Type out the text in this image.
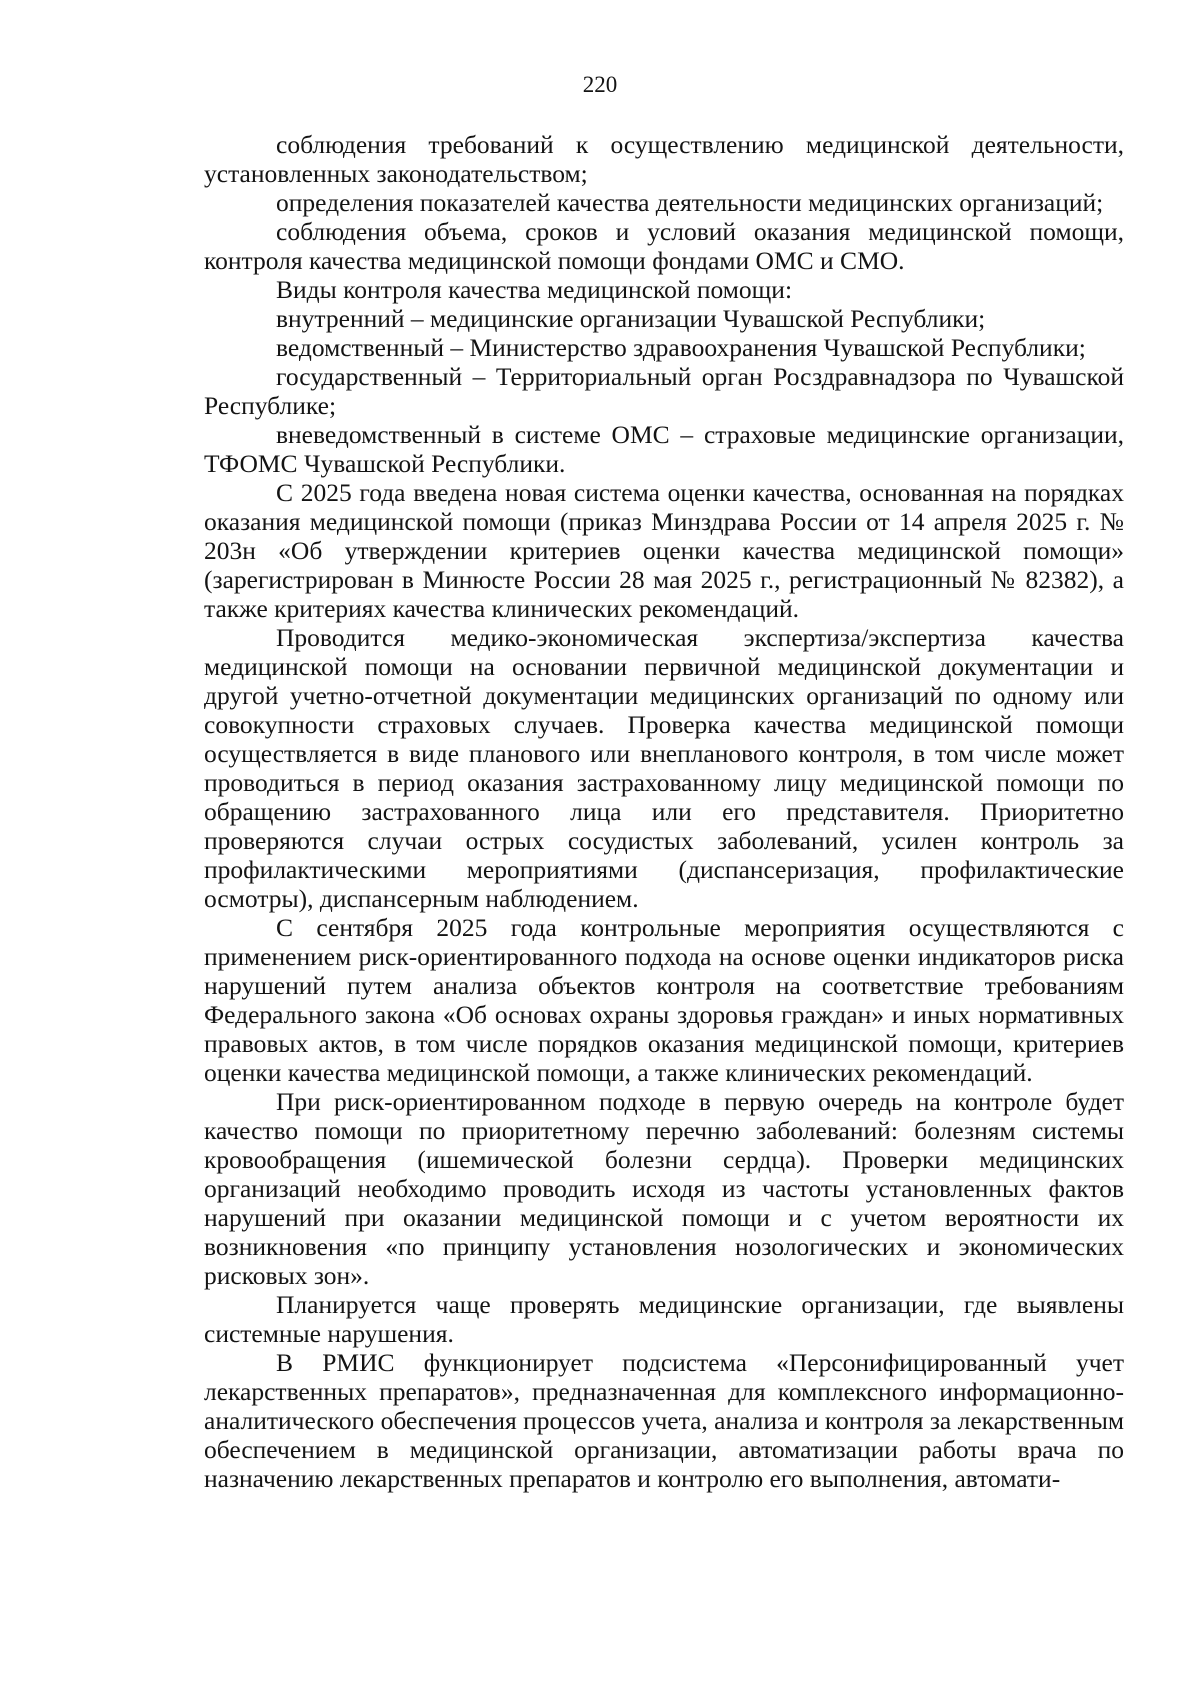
220

соблюдения требований к осуществлению медицинской деятельности, установленных законодательством;

определения показателей качества деятельности медицинских организаций;

соблюдения объема, сроков и условий оказания медицинской помощи, контроля качества медицинской помощи фондами ОМС и СМО.

Виды контроля качества медицинской помощи:

внутренний – медицинские организации Чувашской Республики;

ведомственный – Министерство здравоохранения Чувашской Республики;

государственный – Территориальный орган Росздравнадзора по Чувашской Республике;

вневедомственный в системе ОМС – страховые медицинские организации, ТФОМС Чувашской Республики.

С 2025 года введена новая система оценки качества, основанная на порядках оказания медицинской помощи (приказ Минздрава России от 14 апреля 2025 г. № 203н «Об утверждении критериев оценки качества медицинской помощи» (зарегистрирован в Минюсте России 28 мая 2025 г., регистрационный № 82382), а также критериях качества клинических рекомендаций.

Проводится медико-экономическая экспертиза/экспертиза качества медицинской помощи на основании первичной медицинской документации и другой учетно-отчетной документации медицинских организаций по одному или совокупности страховых случаев. Проверка качества медицинской помощи осуществляется в виде планового или внепланового контроля, в том числе может проводиться в период оказания застрахованному лицу медицинской помощи по обращению застрахованного лица или его представителя. Приоритетно проверяются случаи острых сосудистых заболеваний, усилен контроль за профилактическими мероприятиями (диспансеризация, профилактические осмотры), диспансерным наблюдением.

С сентября 2025 года контрольные мероприятия осуществляются с применением риск-ориентированного подхода на основе оценки индикаторов риска нарушений путем анализа объектов контроля на соответствие требованиям Федерального закона «Об основах охраны здоровья граждан» и иных нормативных правовых актов, в том числе порядков оказания медицинской помощи, критериев оценки качества медицинской помощи, а также клинических рекомендаций.

При риск-ориентированном подходе в первую очередь на контроле будет качество помощи по приоритетному перечню заболеваний: болезням системы кровообращения (ишемической болезни сердца). Проверки медицинских организаций необходимо проводить исходя из частоты установленных фактов нарушений при оказании медицинской помощи и с учетом вероятности их возникновения «по принципу установления нозологических и экономических рисковых зон».

Планируется чаще проверять медицинские организации, где выявлены системные нарушения.

В РМИС функционирует подсистема «Персонифицированный учет лекарственных препаратов», предназначенная для комплексного информационно-аналитического обеспечения процессов учета, анализа и контроля за лекарственным обеспечением в медицинской организации, автоматизации работы врача по назначению лекарственных препаратов и контролю его выполнения, автомати-
